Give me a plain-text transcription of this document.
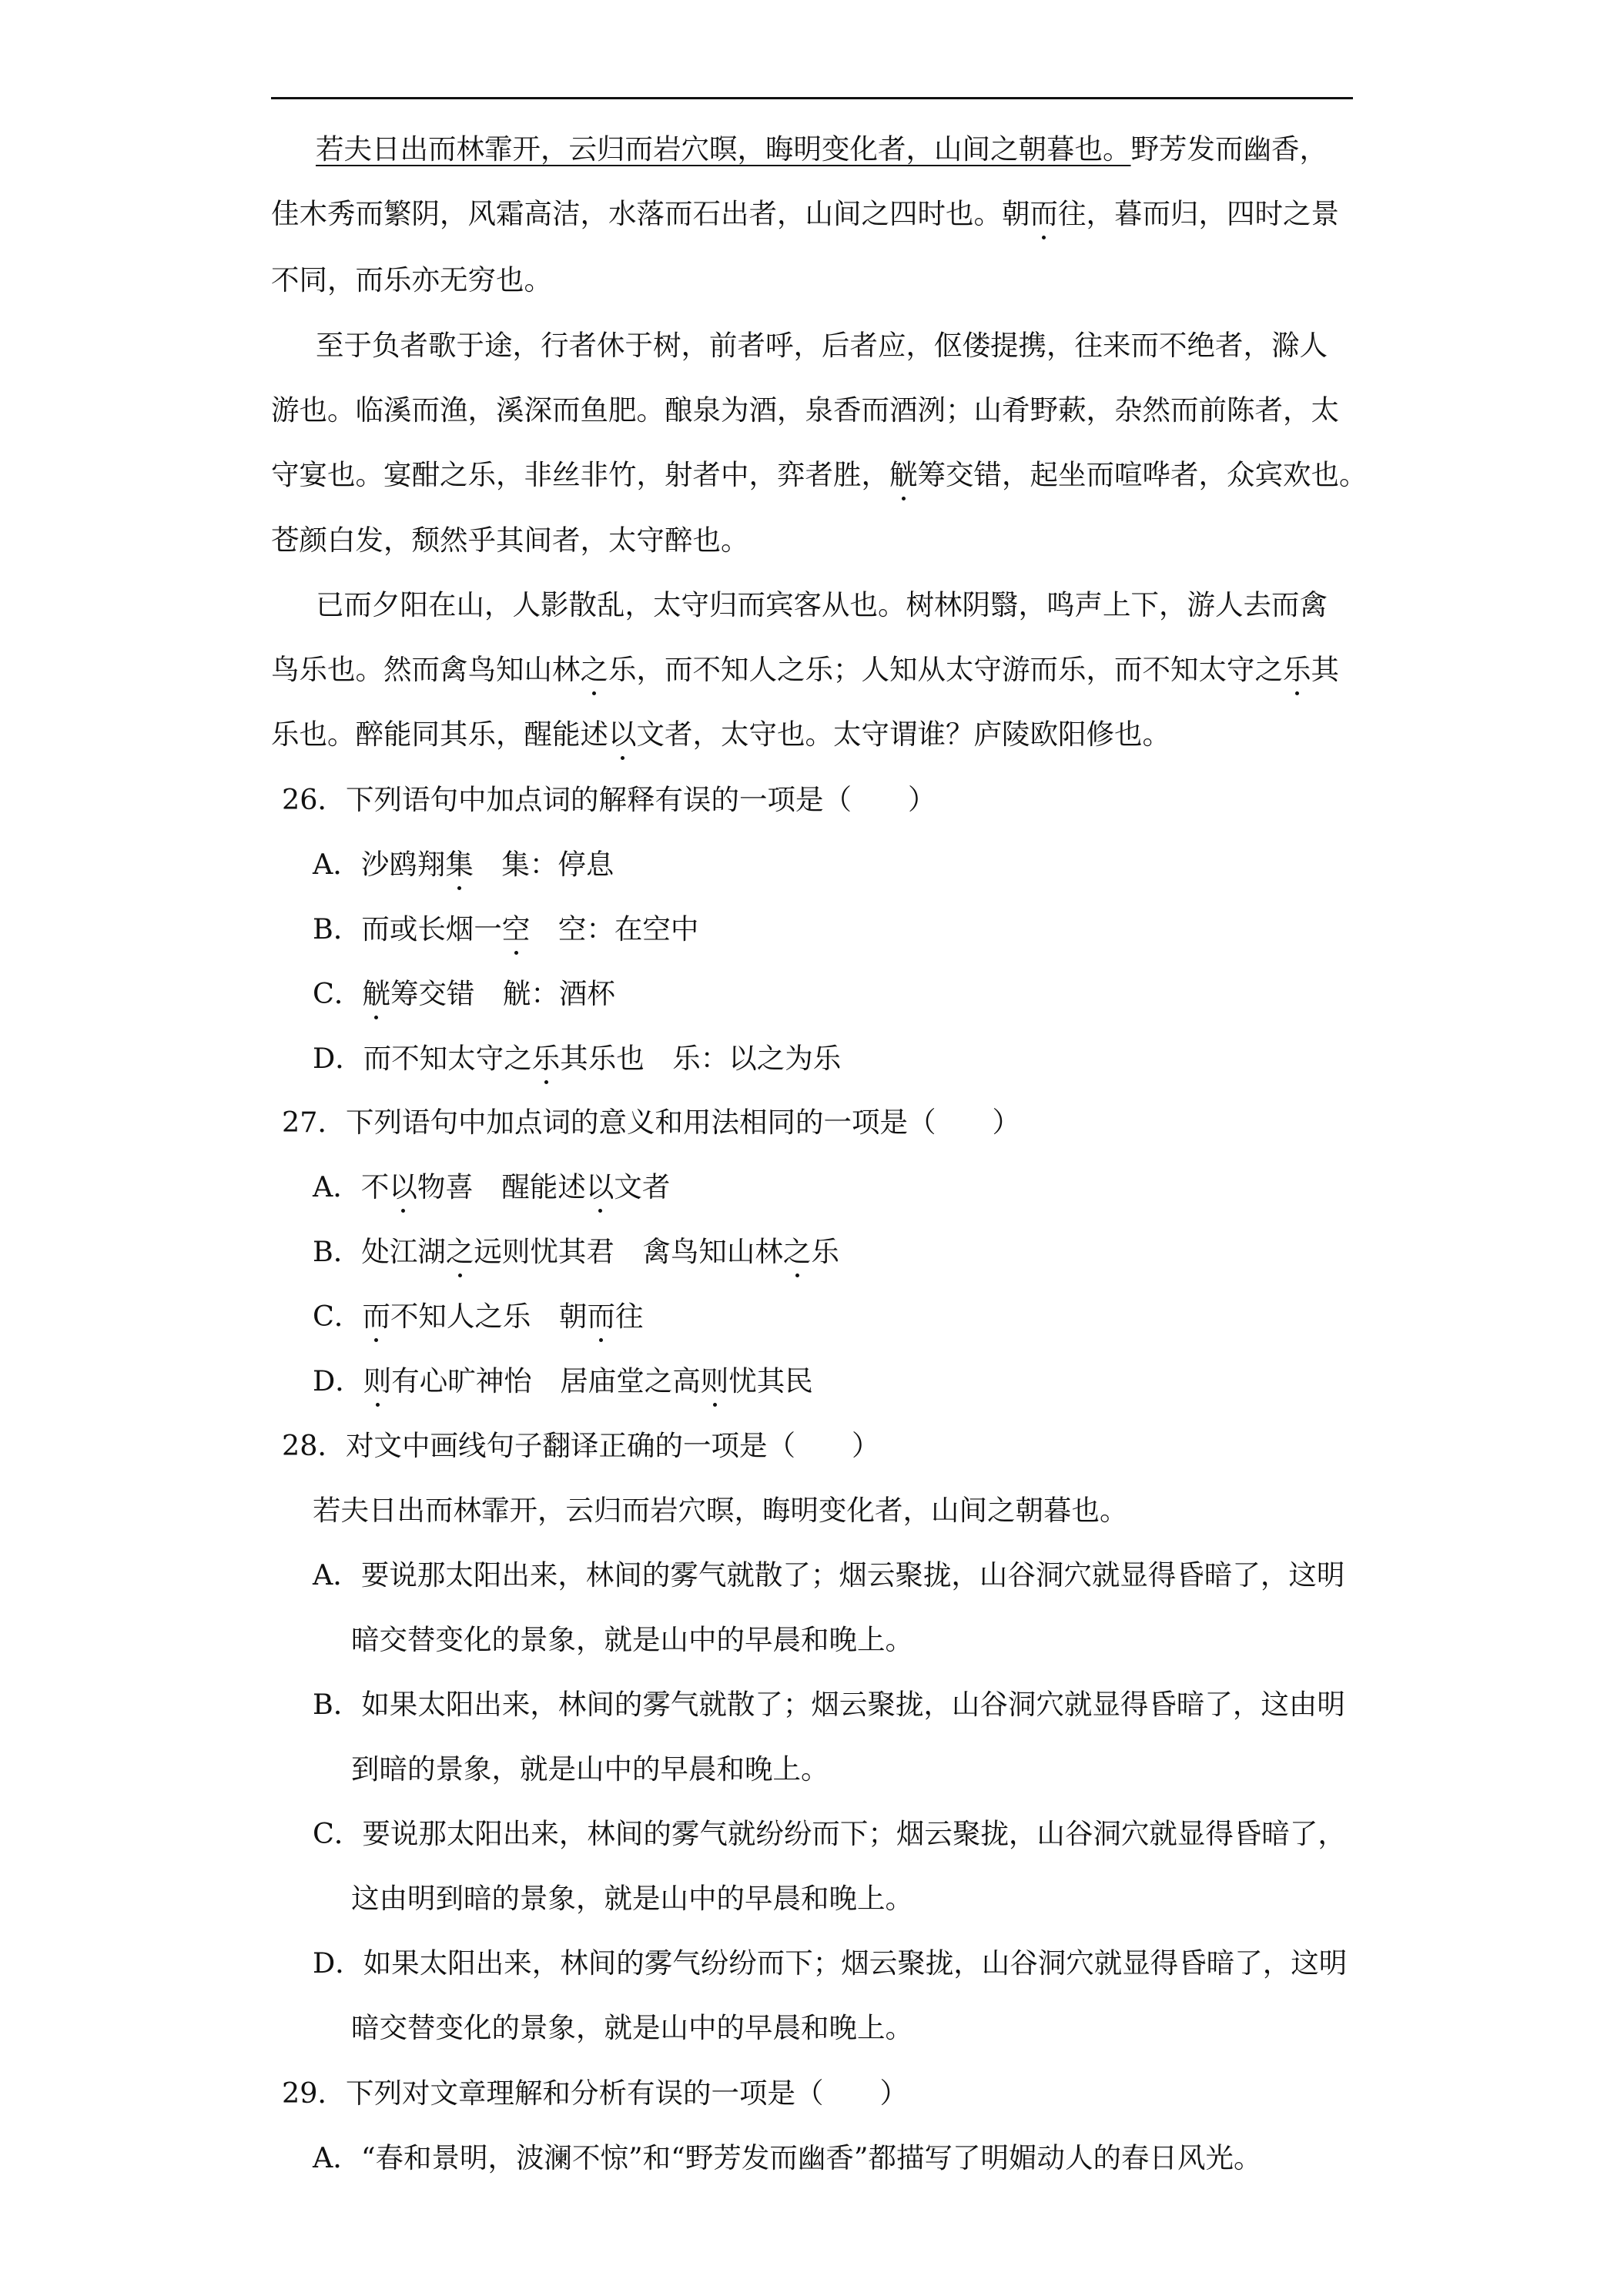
若夫日出而林霏开，云归而岩穴暝，晦明变化者，山间之朝暮也。野芳发而幽香，
佳木秀而繁阴，风霜高洁，水落而石出者，山间之四时也。朝而往，暮而归，四时之景
不同，而乐亦无穷也。
至于负者歌于途，行者休于树，前者呼，后者应，伛偻提携，往来而不绝者，滁人
游也。临溪而渔，溪深而鱼肥。酿泉为酒，泉香而酒洌；山肴野蔌，杂然而前陈者，太
守宴也。宴酣之乐，非丝非竹，射者中，弈者胜，觥筹交错，起坐而喧哗者，众宾欢也。
苍颜白发，颓然乎其间者，太守醉也。
已而夕阳在山，人影散乱，太守归而宾客从也。树林阴翳，鸣声上下，游人去而禽
鸟乐也。然而禽鸟知山林之乐，而不知人之乐；人知从太守游而乐，而不知太守之乐其
乐也。醉能同其乐，醒能述以文者，太守也。太守谓谁？庐陵欧阳修也。
26．下列语句中加点词的解释有误的一项是（　　）
A．沙鸥翔集　集：停息
B．而或长烟一空　空：在空中
C．觥筹交错　觥：酒杯
D．而不知太守之乐其乐也　乐：以之为乐
27．下列语句中加点词的意义和用法相同的一项是（　　）
A．不以物喜　醒能述以文者
B．处江湖之远则忧其君　禽鸟知山林之乐
C．而不知人之乐　朝而往
D．则有心旷神怡　居庙堂之高则忧其民
28．对文中画线句子翻译正确的一项是（　　）
若夫日出而林霏开，云归而岩穴暝，晦明变化者，山间之朝暮也。
A．要说那太阳出来，林间的雾气就散了；烟云聚拢，山谷洞穴就显得昏暗了，这明
暗交替变化的景象，就是山中的早晨和晚上。
B．如果太阳出来，林间的雾气就散了；烟云聚拢，山谷洞穴就显得昏暗了，这由明
到暗的景象，就是山中的早晨和晚上。
C．要说那太阳出来，林间的雾气就纷纷而下；烟云聚拢，山谷洞穴就显得昏暗了，
这由明到暗的景象，就是山中的早晨和晚上。
D．如果太阳出来，林间的雾气纷纷而下；烟云聚拢，山谷洞穴就显得昏暗了，这明
暗交替变化的景象，就是山中的早晨和晚上。
29．下列对文章理解和分析有误的一项是（　　）
A．“春和景明，波澜不惊”和“野芳发而幽香”都描写了明媚动人的春日风光。
